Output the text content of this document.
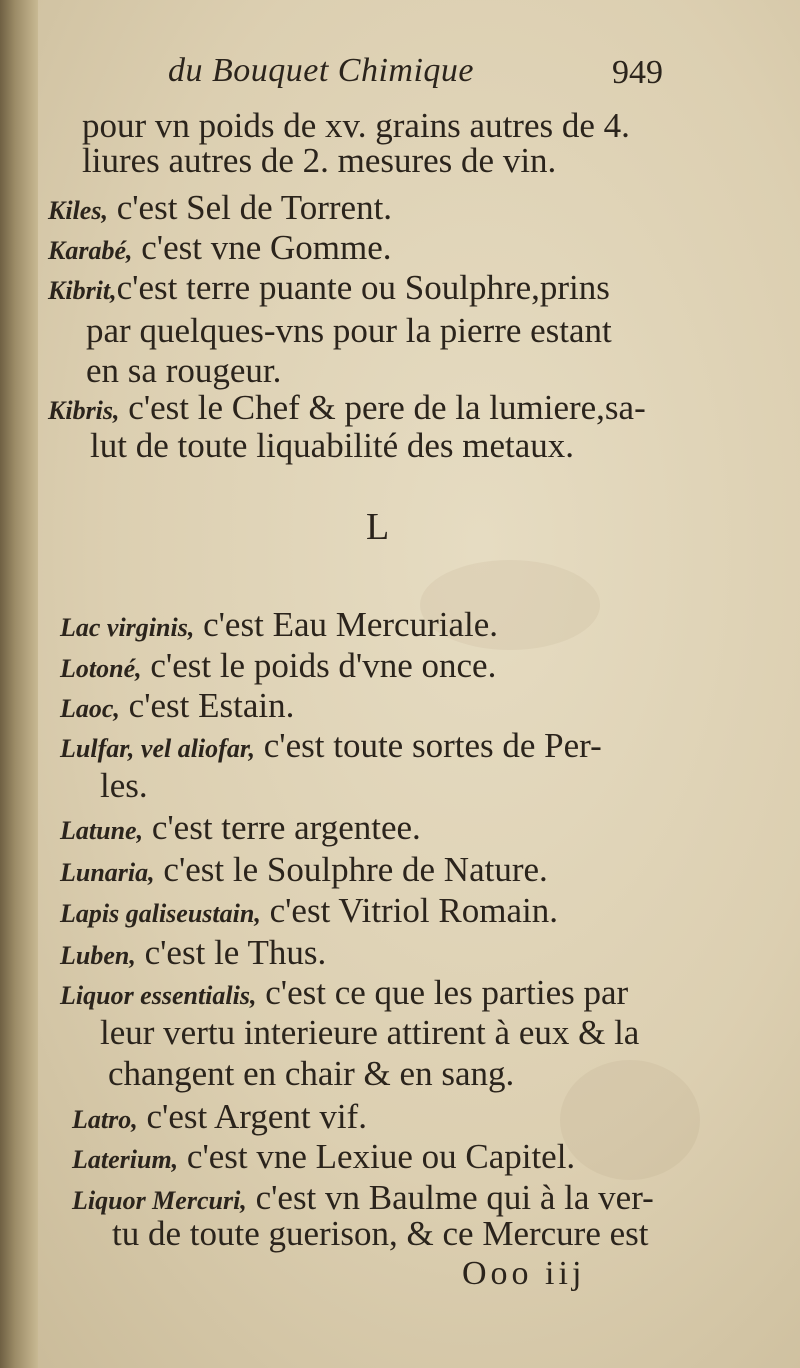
du Bouquet Chimique	949
pour vn poids de xv. grains autres de 4.
liures autres de 2. mesures de vin.
Kiles, c'est Sel de Torrent.
Karabé, c'est vne Gomme.
Kibrit,c'est terre puante ou Soulphre,prins
par quelques-vns pour la pierre estant
en sa rougeur.
Kibris, c'est le Chef & pere de la lumiere,sa-
lut de toute liquabilité des metaux.
L
Lac virginis, c'est Eau Mercuriale.
Lotoné, c'est le poids d'vne once.
Laoc, c'est Estain.
Lulfar, vel aliofar, c'est toute sortes de Per-
les.
Latune, c'est terre argentee.
Lunaria, c'est le Soulphre de Nature.
Lapis galiseustain, c'est Vitriol Romain.
Luben, c'est le Thus.
Liquor essentialis, c'est ce que les parties par
leur vertu interieure attirent à eux & la
changent en chair & en sang.
Latro, c'est Argent vif.
Laterium, c'est vne Lexiue ou Capitel.
Liquor Mercuri, c'est vn Baulme qui à la ver-
tu de toute guerison, & ce Mercure est
Ooo iij
